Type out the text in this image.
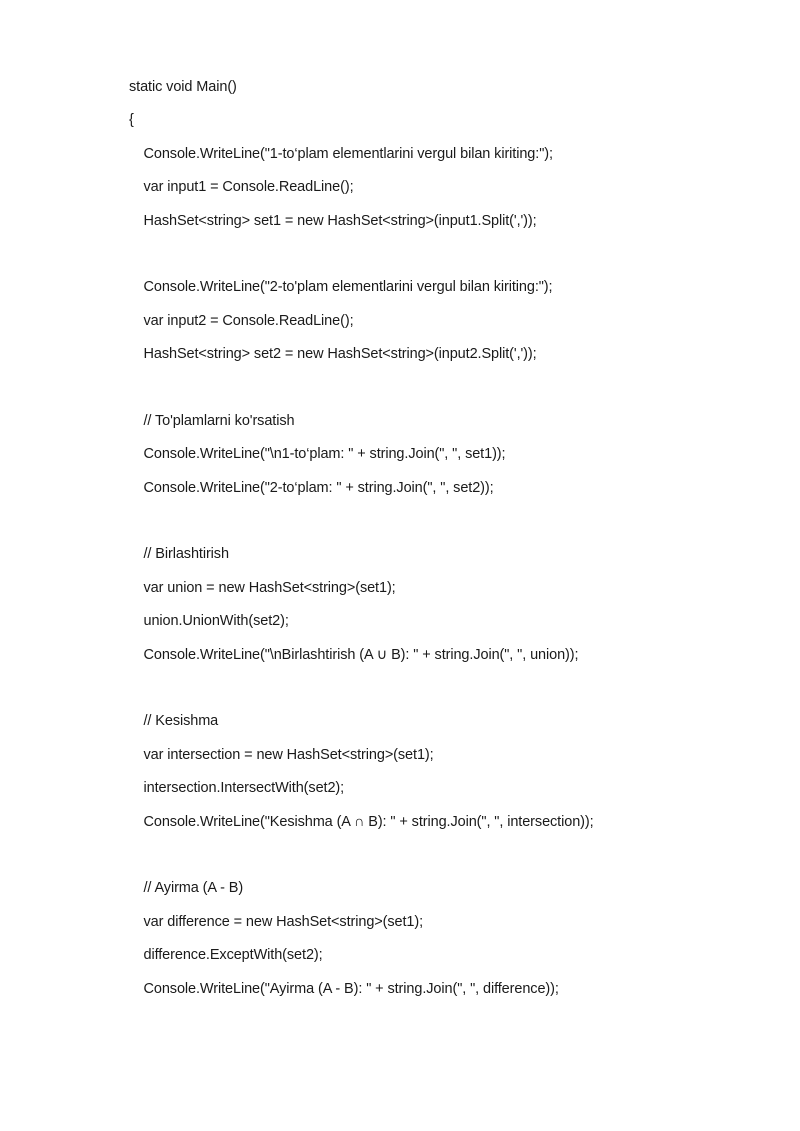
static void Main()
{
Console.WriteLine("1-to‘plam elementlarini vergul bilan kiriting:");
var input1 = Console.ReadLine();
HashSet<string> set1 = new HashSet<string>(input1.Split(','));
Console.WriteLine("2-to'plam elementlarini vergul bilan kiriting:");
var input2 = Console.ReadLine();
HashSet<string> set2 = new HashSet<string>(input2.Split(','));
// To'plamlarni ko'rsatish
Console.WriteLine("\n1-to‘plam: " + string.Join(", ", set1));
Console.WriteLine("2-to‘plam: " + string.Join(", ", set2));
// Birlashtirish
var union = new HashSet<string>(set1);
union.UnionWith(set2);
Console.WriteLine("\nBirlashtirish (A ∪ B): " + string.Join(", ", union));
// Kesishma
var intersection = new HashSet<string>(set1);
intersection.IntersectWith(set2);
Console.WriteLine("Kesishma (A ∩ B): " + string.Join(", ", intersection));
// Ayirma (A - B)
var difference = new HashSet<string>(set1);
difference.ExceptWith(set2);
Console.WriteLine("Ayirma (A - B): " + string.Join(", ", difference));
